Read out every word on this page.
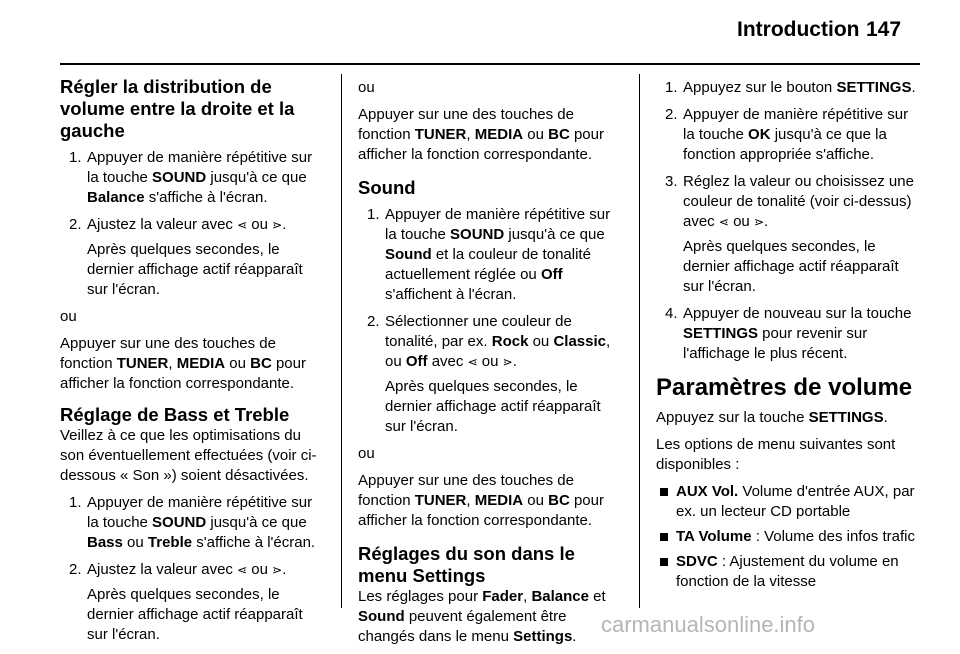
Introduction 147
Régler la distribution de volume entre la droite et la gauche
1. Appuyer de manière répétitive sur la touche SOUND jusqu'à ce que Balance s'affiche à l'écran.
2. Ajustez la valeur avec ⋖ ou ⋗.
Après quelques secondes, le dernier affichage actif réapparaît sur l'écran.

ou

Appuyer sur une des touches de fonction TUNER, MEDIA ou BC pour afficher la fonction correspondante.

Réglage de Bass et Treble

Veillez à ce que les optimisations du son éventuellement effectuées (voir ci-dessous « Son ») soient désactivées.

1. Appuyer de manière répétitive sur la touche SOUND jusqu'à ce que Bass ou Treble s'affiche à l'écran.
2. Ajustez la valeur avec ⋖ ou ⋗.
Après quelques secondes, le dernier affichage actif réapparaît sur l'écran.

ou

Appuyer sur une des touches de fonction TUNER, MEDIA ou BC pour afficher la fonction correspondante.

Sound
1. Appuyer de manière répétitive sur la touche SOUND jusqu'à ce que Sound et la couleur de tonalité actuellement réglée ou Off s'affichent à l'écran.
2. Sélectionner une couleur de tonalité, par ex. Rock ou Classic, ou Off avec ⋖ ou ⋗.
Après quelques secondes, le dernier affichage actif réapparaît sur l'écran.

ou

Appuyer sur une des touches de fonction TUNER, MEDIA ou BC pour afficher la fonction correspondante.

Réglages du son dans le menu Settings

Les réglages pour Fader, Balance et Sound peuvent également être changés dans le menu Settings.

1. Appuyez sur le bouton SETTINGS.
2. Appuyer de manière répétitive sur la touche OK jusqu'à ce que la fonction appropriée s'affiche.
3. Réglez la valeur ou choisissez une couleur de tonalité (voir ci-dessus) avec ⋖ ou ⋗.
Après quelques secondes, le dernier affichage actif réapparaît sur l'écran.
4. Appuyer de nouveau sur la touche SETTINGS pour revenir sur l'affichage le plus récent.
Paramètres de volume

Appuyez sur la touche SETTINGS.

Les options de menu suivantes sont disponibles :

AUX Vol. Volume d'entrée AUX, par ex. un lecteur CD portable
TA Volume : Volume des infos trafic
SDVC : Ajustement du volume en fonction de la vitesse
carmanualsonline.info
